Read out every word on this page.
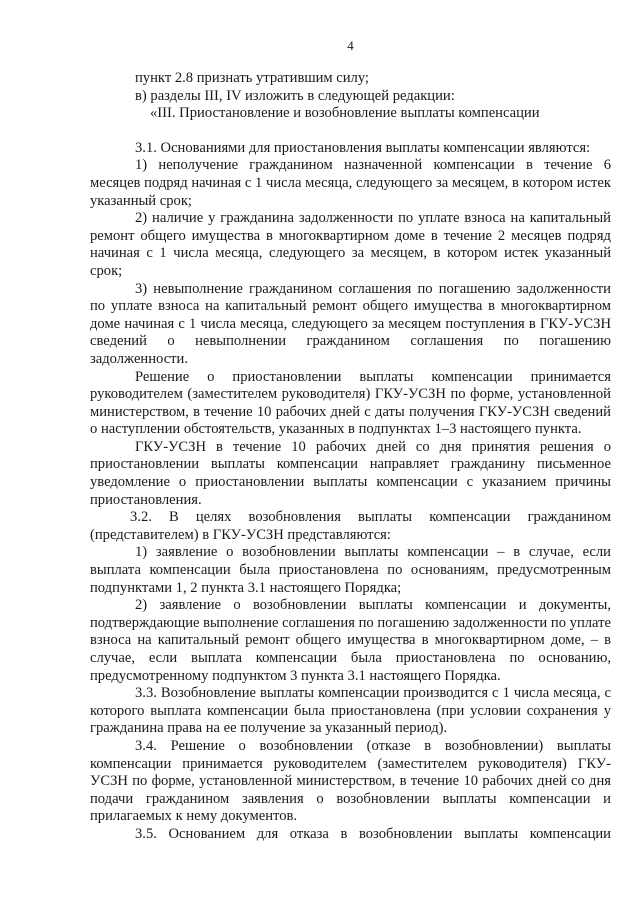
4

пункт 2.8 признать утратившим силу;

в) разделы III, IV изложить в следующей редакции:

«III. Приостановление и возобновление выплаты компенсации

3.1. Основаниями для приостановления выплаты компенсации являются:

1) неполучение гражданином назначенной компенсации в течение 6 месяцев подряд начиная с 1 числа месяца, следующего за месяцем, в котором истек указанный срок;

2) наличие у гражданина задолженности по уплате взноса на капитальный ремонт общего имущества в многоквартирном доме в течение 2 месяцев подряд начиная с 1 числа месяца, следующего за месяцем, в котором истек указанный срок;

3) невыполнение гражданином соглашения по погашению задолженности по уплате взноса на капитальный ремонт общего имущества в многоквартирном доме начиная с 1 числа месяца, следующего за месяцем поступления в ГКУ-УСЗН сведений о невыполнении гражданином соглашения по погашению задолженности.

Решение о приостановлении выплаты компенсации принимается руководителем (заместителем руководителя) ГКУ-УСЗН по форме, установленной министерством, в течение 10 рабочих дней с даты получения ГКУ-УСЗН сведений о наступлении обстоятельств, указанных в подпунктах 1–3 настоящего пункта.

ГКУ-УСЗН в течение 10 рабочих дней со дня принятия решения о приостановлении выплаты компенсации направляет гражданину письменное уведомление о приостановлении выплаты компенсации с указанием причины приостановления.

3.2. В целях возобновления выплаты компенсации гражданином (представителем) в ГКУ-УСЗН представляются:

1) заявление о возобновлении выплаты компенсации – в случае, если выплата компенсации была приостановлена по основаниям, предусмотренным подпунктами 1, 2 пункта 3.1 настоящего Порядка;

2) заявление о возобновлении выплаты компенсации и документы, подтверждающие выполнение соглашения по погашению задолженности по уплате взноса на капитальный ремонт общего имущества в многоквартирном доме, – в случае, если выплата компенсации была приостановлена по основанию, предусмотренному подпунктом 3 пункта 3.1 настоящего Порядка.

3.3. Возобновление выплаты компенсации производится с 1 числа месяца, с которого выплата компенсации была приостановлена (при условии сохранения у гражданина права на ее получение за указанный период).

3.4. Решение о возобновлении (отказе в возобновлении) выплаты компенсации принимается руководителем (заместителем руководителя) ГКУ-УСЗН по форме, установленной министерством, в течение 10 рабочих дней со дня подачи гражданином заявления о возобновлении выплаты компенсации и прилагаемых к нему документов.

3.5. Основанием для отказа в возобновлении выплаты компенсации
